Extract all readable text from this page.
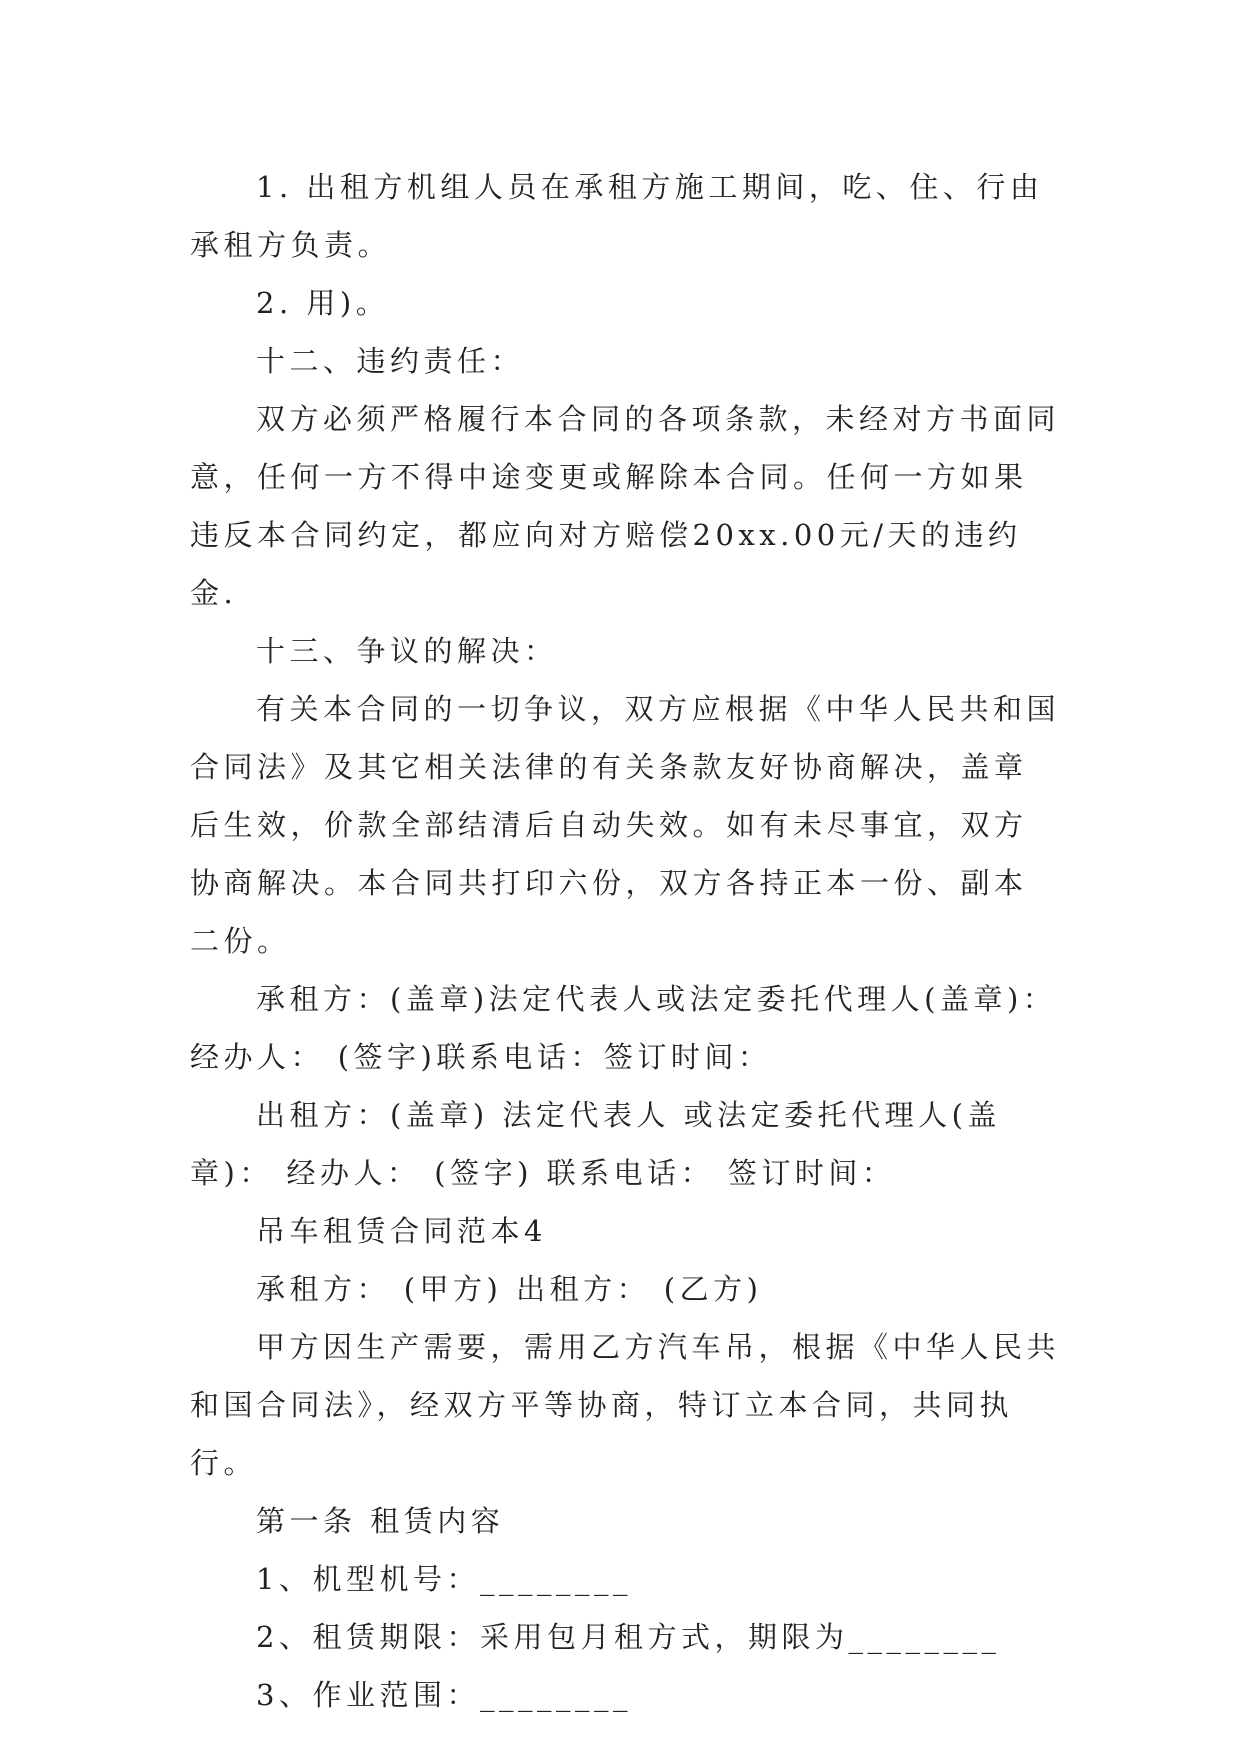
1. 出租方机组人员在承租方施工期间，吃、住、行由承租方负责。

2. 用)。

十二、违约责任：

双方必须严格履行本合同的各项条款，未经对方书面同意，任何一方不得中途变更或解除本合同。任何一方如果违反本合同约定，都应向对方赔偿20xx.00元/天的违约金.

十三、争议的解决：

有关本合同的一切争议，双方应根据《中华人民共和国合同法》及其它相关法律的有关条款友好协商解决，盖章后生效，价款全部结清后自动失效。如有未尽事宜，双方协商解决。本合同共打印六份，双方各持正本一份、副本二份。

承租方：(盖章)法定代表人或法定委托代理人(盖章)：经办人： (签字)联系电话：签订时间：

出租方：(盖章) 法定代表人 或法定委托代理人(盖章)： 经办人： (签字) 联系电话： 签订时间：

吊车租赁合同范本4

承租方： (甲方) 出租方： (乙方)

甲方因生产需要，需用乙方汽车吊，根据《中华人民共和国合同法》，经双方平等协商，特订立本合同，共同执行。

第一条 租赁内容

1、机型机号：________

2、租赁期限：采用包月租方式，期限为________

3、作业范围：________
